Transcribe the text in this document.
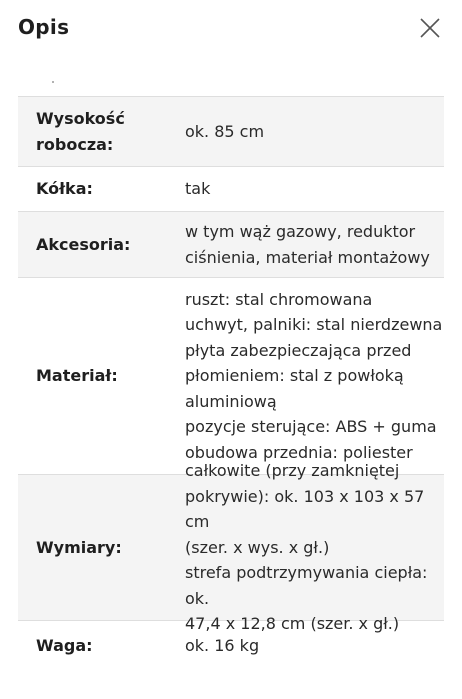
Opis
Wysokość
robocza:
ok. 85 cm
Kółka:	tak
Akcesoria:
w tym wąż gazowy, reduktor
ciśnienia, materiał montażowy
Materiał:
ruszt: stal chromowana
uchwyt, palniki: stal nierdzewna
płyta zabezpieczająca przed
płomieniem: stal z powłoką
aluminiową
pozycje sterujące: ABS + guma
obudowa przednia: poliester
Wymiary:
całkowite (przy zamkniętej
pokrywie): ok. 103 x 103 x 57 cm
(szer. x wys. x gł.)
strefa podtrzymywania ciepła: ok.
47,4 x 12,8 cm (szer. x gł.)
Waga:	ok. 16 kg
